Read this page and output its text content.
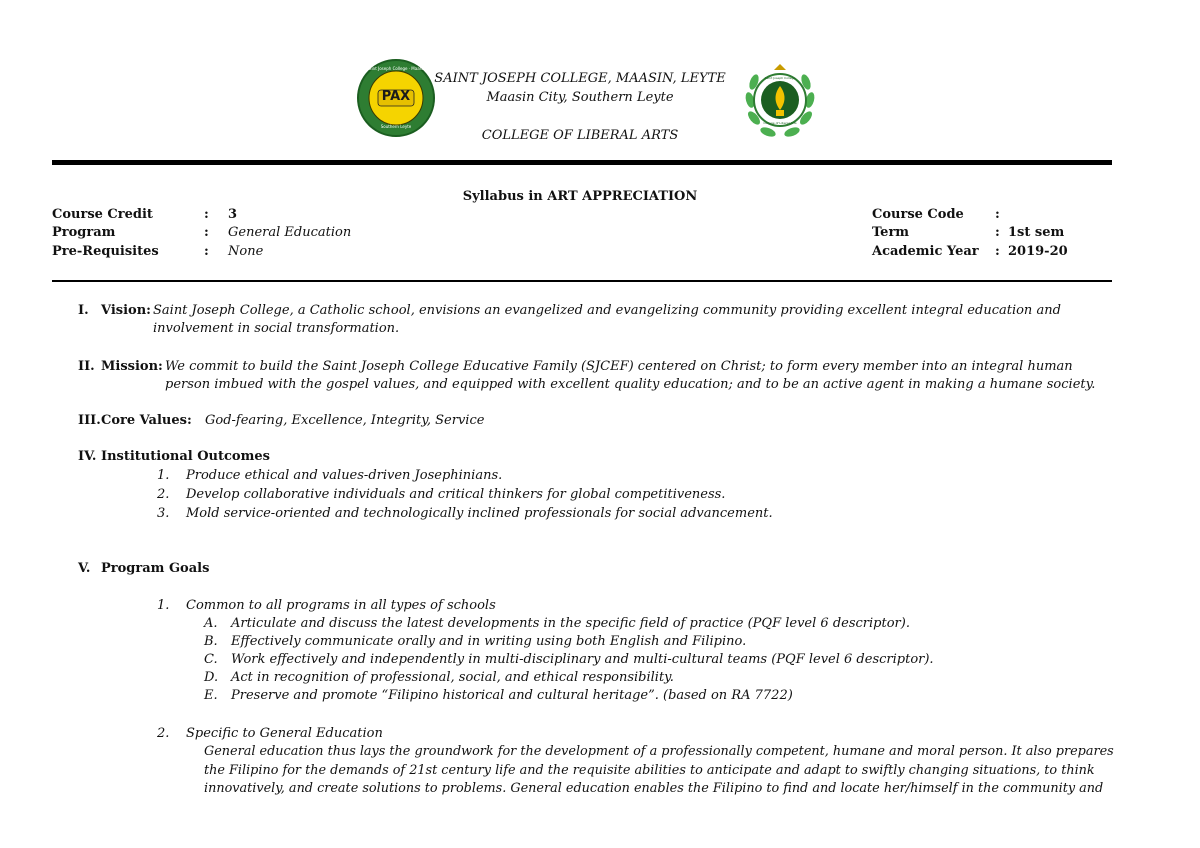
PAX
Saint Joseph College · Maasin
Southern Leyte
SAINT JOSEPH COLLEGE, MAASIN, LEYTE
Maasin City, Southern Leyte
COLLEGE OF LIBERAL ARTS
Saint Joseph College
College of Liberal Arts
Syllabus in ART APPRECIATION
Course Credit	: 3
Program	: General Education
Pre-Requisites	: None
Course Code :
Term	: 1st sem
Academic Year : 2019-20
I. Vision: Saint Joseph College, a Catholic school, envisions an evangelized and evangelizing community providing excellent integral education and
involvement in social transformation.
II. Mission: We commit to build the Saint Joseph College Educative Family (SJCEF) centered on Christ; to form every member into an integral human
person imbued with the gospel values, and equipped with excellent quality education; and to be an active agent in making a humane society.
III. Core Values: God-fearing, Excellence, Integrity, Service
IV. Institutional Outcomes
1. Produce ethical and values-driven Josephinians.
2. Develop collaborative individuals and critical thinkers for global competitiveness.
3. Mold service-oriented and technologically inclined professionals for social advancement.
V. Program Goals
1. Common to all programs in all types of schools
A. Articulate and discuss the latest developments in the specific field of practice (PQF level 6 descriptor).
B. Effectively communicate orally and in writing using both English and Filipino.
C. Work effectively and independently in multi-disciplinary and multi-cultural teams (PQF level 6 descriptor).
D. Act in recognition of professional, social, and ethical responsibility.
E. Preserve and promote “Filipino historical and cultural heritage”. (based on RA 7722)
2. Specific to General Education
General education thus lays the groundwork for the development of a professionally competent, humane and moral person. It also prepares
the Filipino for the demands of 21st century life and the requisite abilities to anticipate and adapt to swiftly changing situations, to think
innovatively, and create solutions to problems. General education enables the Filipino to find and locate her/himself in the community and
